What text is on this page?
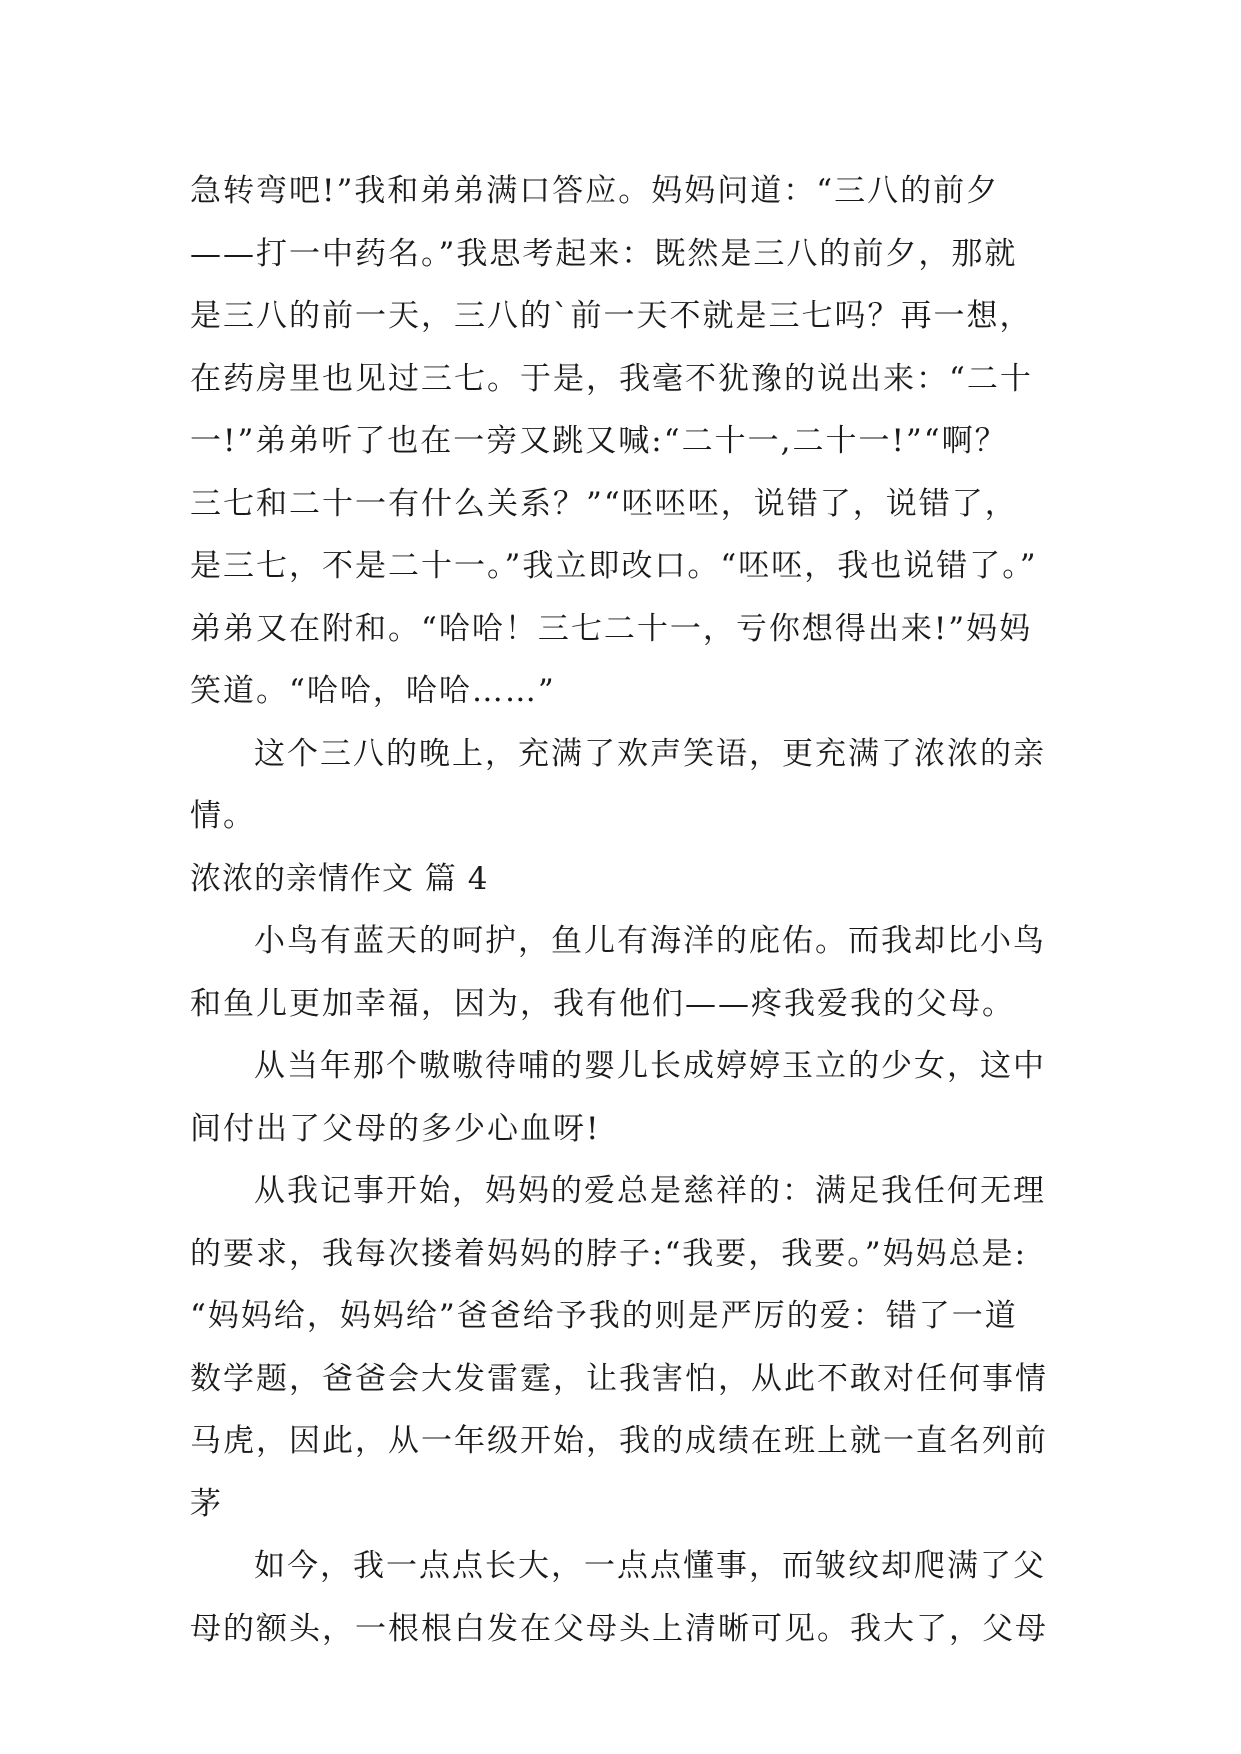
急转弯吧!”我和弟弟满口答应。妈妈问道：“三八的前夕
——打一中药名。”我思考起来：既然是三八的前夕，那就
是三八的前一天，三八的`前一天不就是三七吗？再一想，
在药房里也见过三七。于是，我毫不犹豫的说出来：“二十
一!”弟弟听了也在一旁又跳又喊:“二十一,二十一!”“啊？
三七和二十一有什么关系？”“呸呸呸，说错了，说错了，
是三七，不是二十一。”我立即改口。“呸呸，我也说错了。”
弟弟又在附和。“哈哈！三七二十一，亏你想得出来!”妈妈
笑道。“哈哈，哈哈……”
这个三八的晚上，充满了欢声笑语，更充满了浓浓的亲
情。
浓浓的亲情作文 篇 4
小鸟有蓝天的呵护，鱼儿有海洋的庇佑。而我却比小鸟
和鱼儿更加幸福，因为，我有他们——疼我爱我的父母。
从当年那个嗷嗷待哺的婴儿长成婷婷玉立的少女，这中
间付出了父母的多少心血呀!
从我记事开始，妈妈的爱总是慈祥的：满足我任何无理
的要求，我每次搂着妈妈的脖子:“我要，我要。”妈妈总是:
“妈妈给，妈妈给”爸爸给予我的则是严厉的爱：错了一道
数学题，爸爸会大发雷霆，让我害怕，从此不敢对任何事情
马虎，因此，从一年级开始，我的成绩在班上就一直名列前
茅
如今，我一点点长大，一点点懂事，而皱纹却爬满了父
母的额头，一根根白发在父母头上清晰可见。我大了，父母
